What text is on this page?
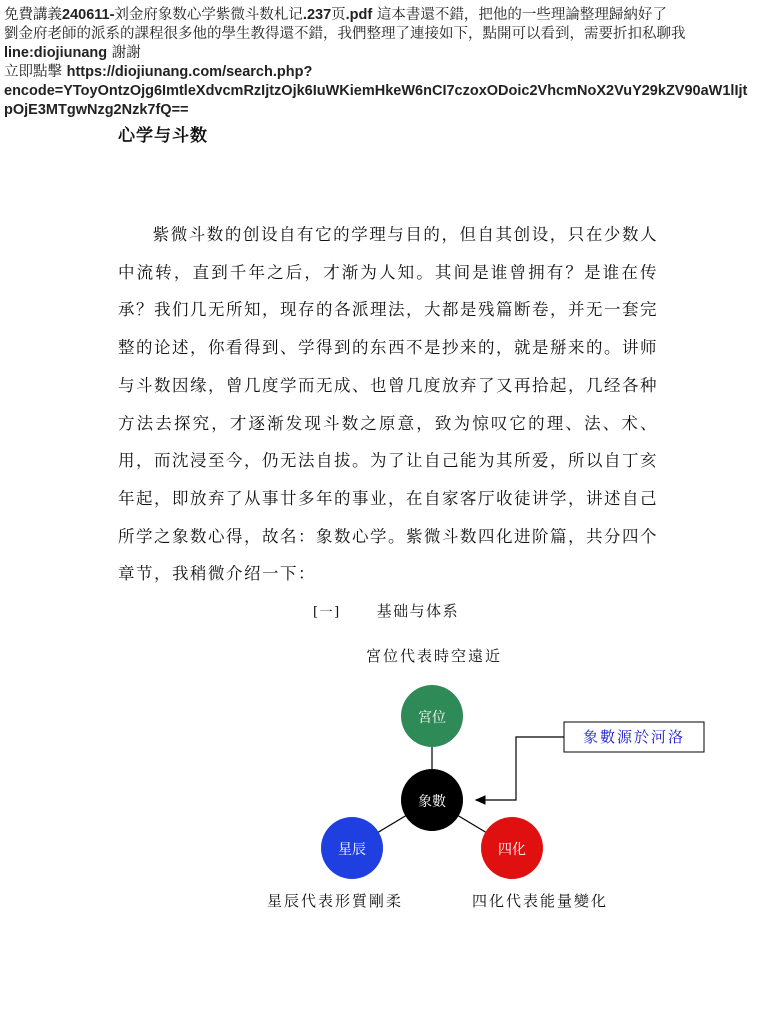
免費講義240611-刘金府象数心学紫微斗数札记.237页.pdf 這本書還不錯，把他的一些理論整理歸納好了
劉金府老師的派系的課程很多他的學生教得還不錯，我們整理了連接如下，點開可以看到，需要折扣私聊我
line:diojiunang 謝謝
立即點擊 https://diojiunang.com/search.php?
encode=YToyOntzOjg6ImtleXdvcmRzIjtzOjk6IuWKiemHkeW6nCI7czoxODoic2VhcmNoX2VuY29kZV90aW1lIjt
pOjE3MTgwNzg2Nzk7fQ==
心学与斗数

紫微斗数的创设自有它的学理与目的，但自其创设，只在少数人中流转，直到千年之后，才渐为人知。其间是谁曾拥有？是谁在传承？我们几无所知，现存的各派理法，大都是残篇断卷，并无一套完整的论述，你看得到、学得到的东西不是抄来的，就是掰来的。讲师与斗数因缘，曾几度学而无成、也曾几度放弃了又再拾起，几经各种方法去探究，才逐渐发现斗数之原意，致为惊叹它的理、法、术、用，而沈浸至今，仍无法自拔。为了让自己能为其所爱，所以自丁亥年起，即放弃了从事廿多年的事业，在自家客厅收徒讲学，讲述自己所学之象数心得，故名：象数心学。紫微斗数四化进阶篇，共分四个章节，我稍微介绍一下：

[一] 基础与体系
宮位代表時空遠近
象數源於河洛
宮位
象數
星辰	四化
星辰代表形質剛柔	四化代表能量變化
